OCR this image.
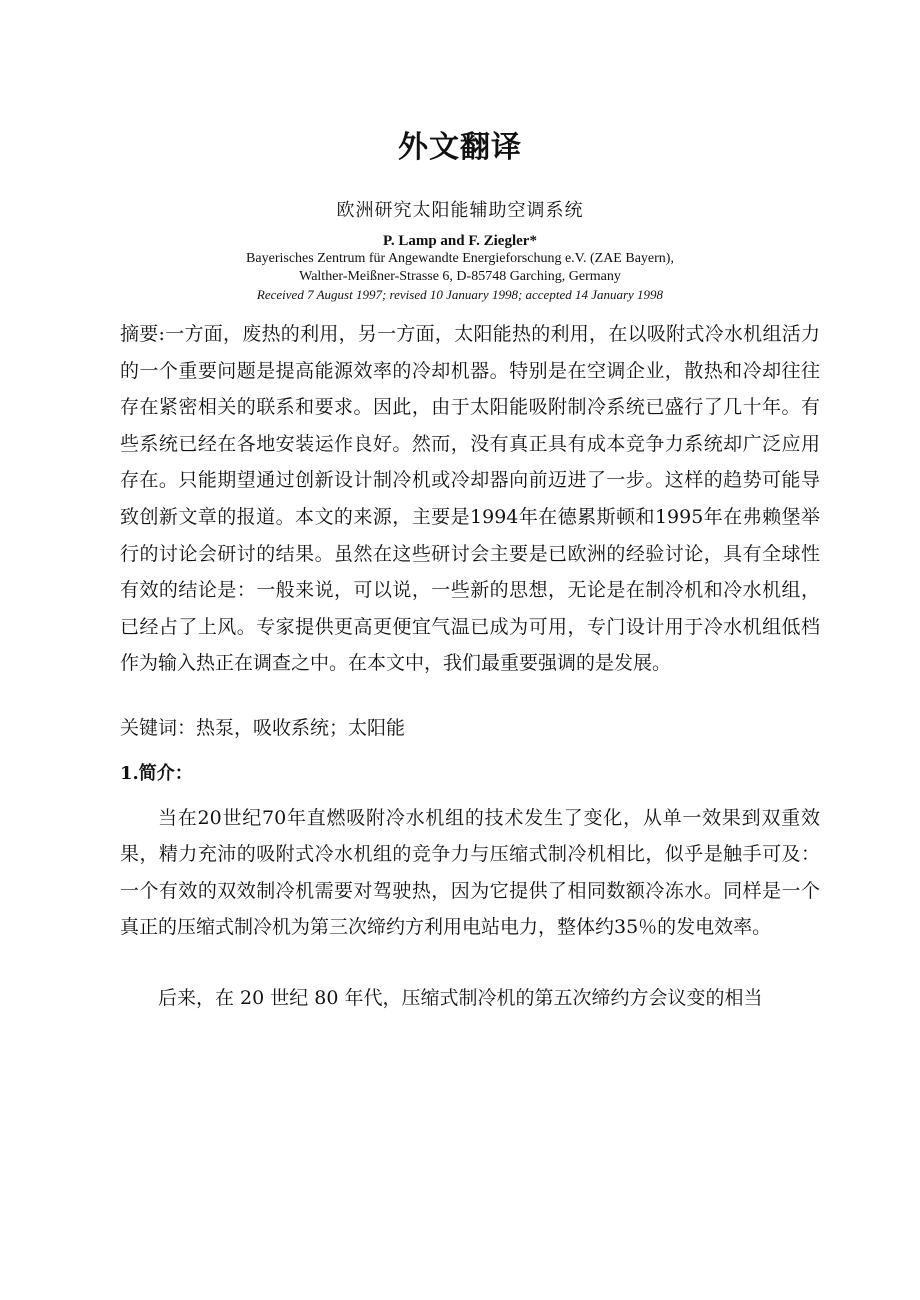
外文翻译
欧洲研究太阳能辅助空调系统
P. Lamp and F. Ziegler*
Bayerisches Zentrum für Angewandte Energieforschung e.V. (ZAE Bayern),
Walther-Meißner-Strasse 6, D-85748 Garching, Germany
Received 7 August 1997; revised 10 January 1998; accepted 14 January 1998
摘要:一方面，废热的利用，另一方面，太阳能热的利用，在以吸附式冷水机组活力的一个重要问题是提高能源效率的冷却机器。特别是在空调企业，散热和冷却往往存在紧密相关的联系和要求。因此，由于太阳能吸附制冷系统已盛行了几十年。有些系统已经在各地安装运作良好。然而，没有真正具有成本竞争力系统却广泛应用存在。只能期望通过创新设计制冷机或冷却器向前迈进了一步。这样的趋势可能导致创新文章的报道。本文的来源，主要是1994年在德累斯顿和1995年在弗赖堡举行的讨论会研讨的结果。虽然在这些研讨会主要是已欧洲的经验讨论，具有全球性有效的结论是：一般来说，可以说，一些新的思想，无论是在制冷机和冷水机组，已经占了上风。专家提供更高更便宜气温已成为可用，专门设计用于冷水机组低档作为输入热正在调查之中。在本文中，我们最重要强调的是发展。
关键词：热泵，吸收系统；太阳能
1.简介：
当在20世纪70年直燃吸附冷水机组的技术发生了变化，从单一效果到双重效果，精力充沛的吸附式冷水机组的竞争力与压缩式制冷机相比，似乎是触手可及：一个有效的双效制冷机需要对驾驶热，因为它提供了相同数额冷冻水。同样是一个真正的压缩式制冷机为第三次缔约方利用电站电力，整体约35％的发电效率。
后来，在 20 世纪 80 年代，压缩式制冷机的第五次缔约方会议变的相当
